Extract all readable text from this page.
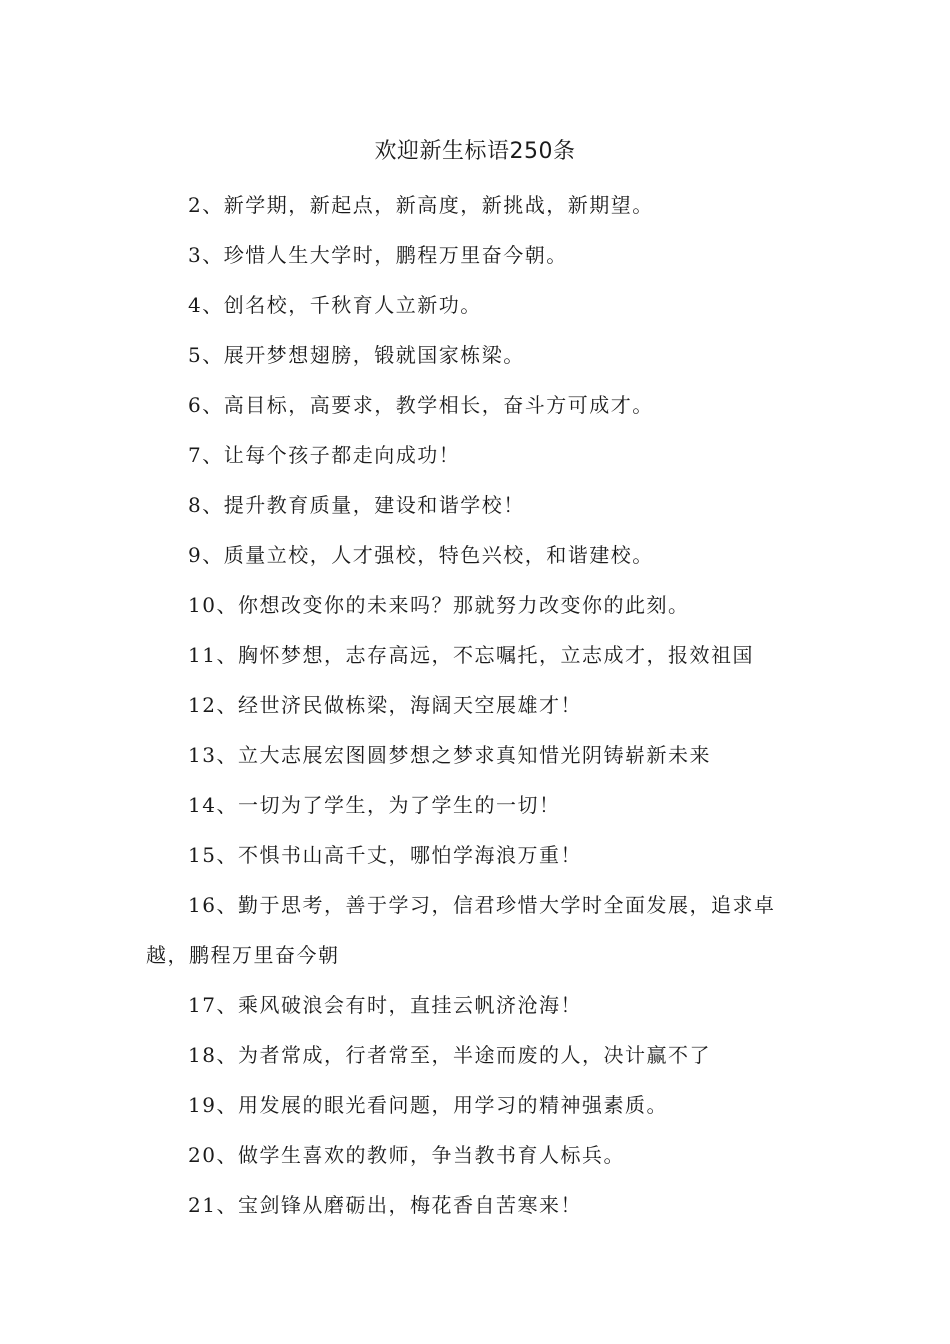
欢迎新生标语250条

2、新学期，新起点，新高度，新挑战，新期望。

3、珍惜人生大学时，鹏程万里奋今朝。

4、创名校，千秋育人立新功。

5、展开梦想翅膀，锻就国家栋梁。

6、高目标，高要求，教学相长，奋斗方可成才。

7、让每个孩子都走向成功！

8、提升教育质量，建设和谐学校！

9、质量立校，人才强校，特色兴校，和谐建校。

10、你想改变你的未来吗？那就努力改变你的此刻。

11、胸怀梦想，志存高远，不忘嘱托，立志成才，报效祖国

12、经世济民做栋梁，海阔天空展雄才！

13、立大志展宏图圆梦想之梦求真知惜光阴铸崭新未来

14、一切为了学生，为了学生的一切！

15、不惧书山高千丈，哪怕学海浪万重！

16、勤于思考，善于学习，信君珍惜大学时全面发展，追求卓

越，鹏程万里奋今朝

17、乘风破浪会有时，直挂云帆济沧海！

18、为者常成，行者常至，半途而废的人，决计赢不了

19、用发展的眼光看问题，用学习的精神强素质。

20、做学生喜欢的教师，争当教书育人标兵。

21、宝剑锋从磨砺出，梅花香自苦寒来！
